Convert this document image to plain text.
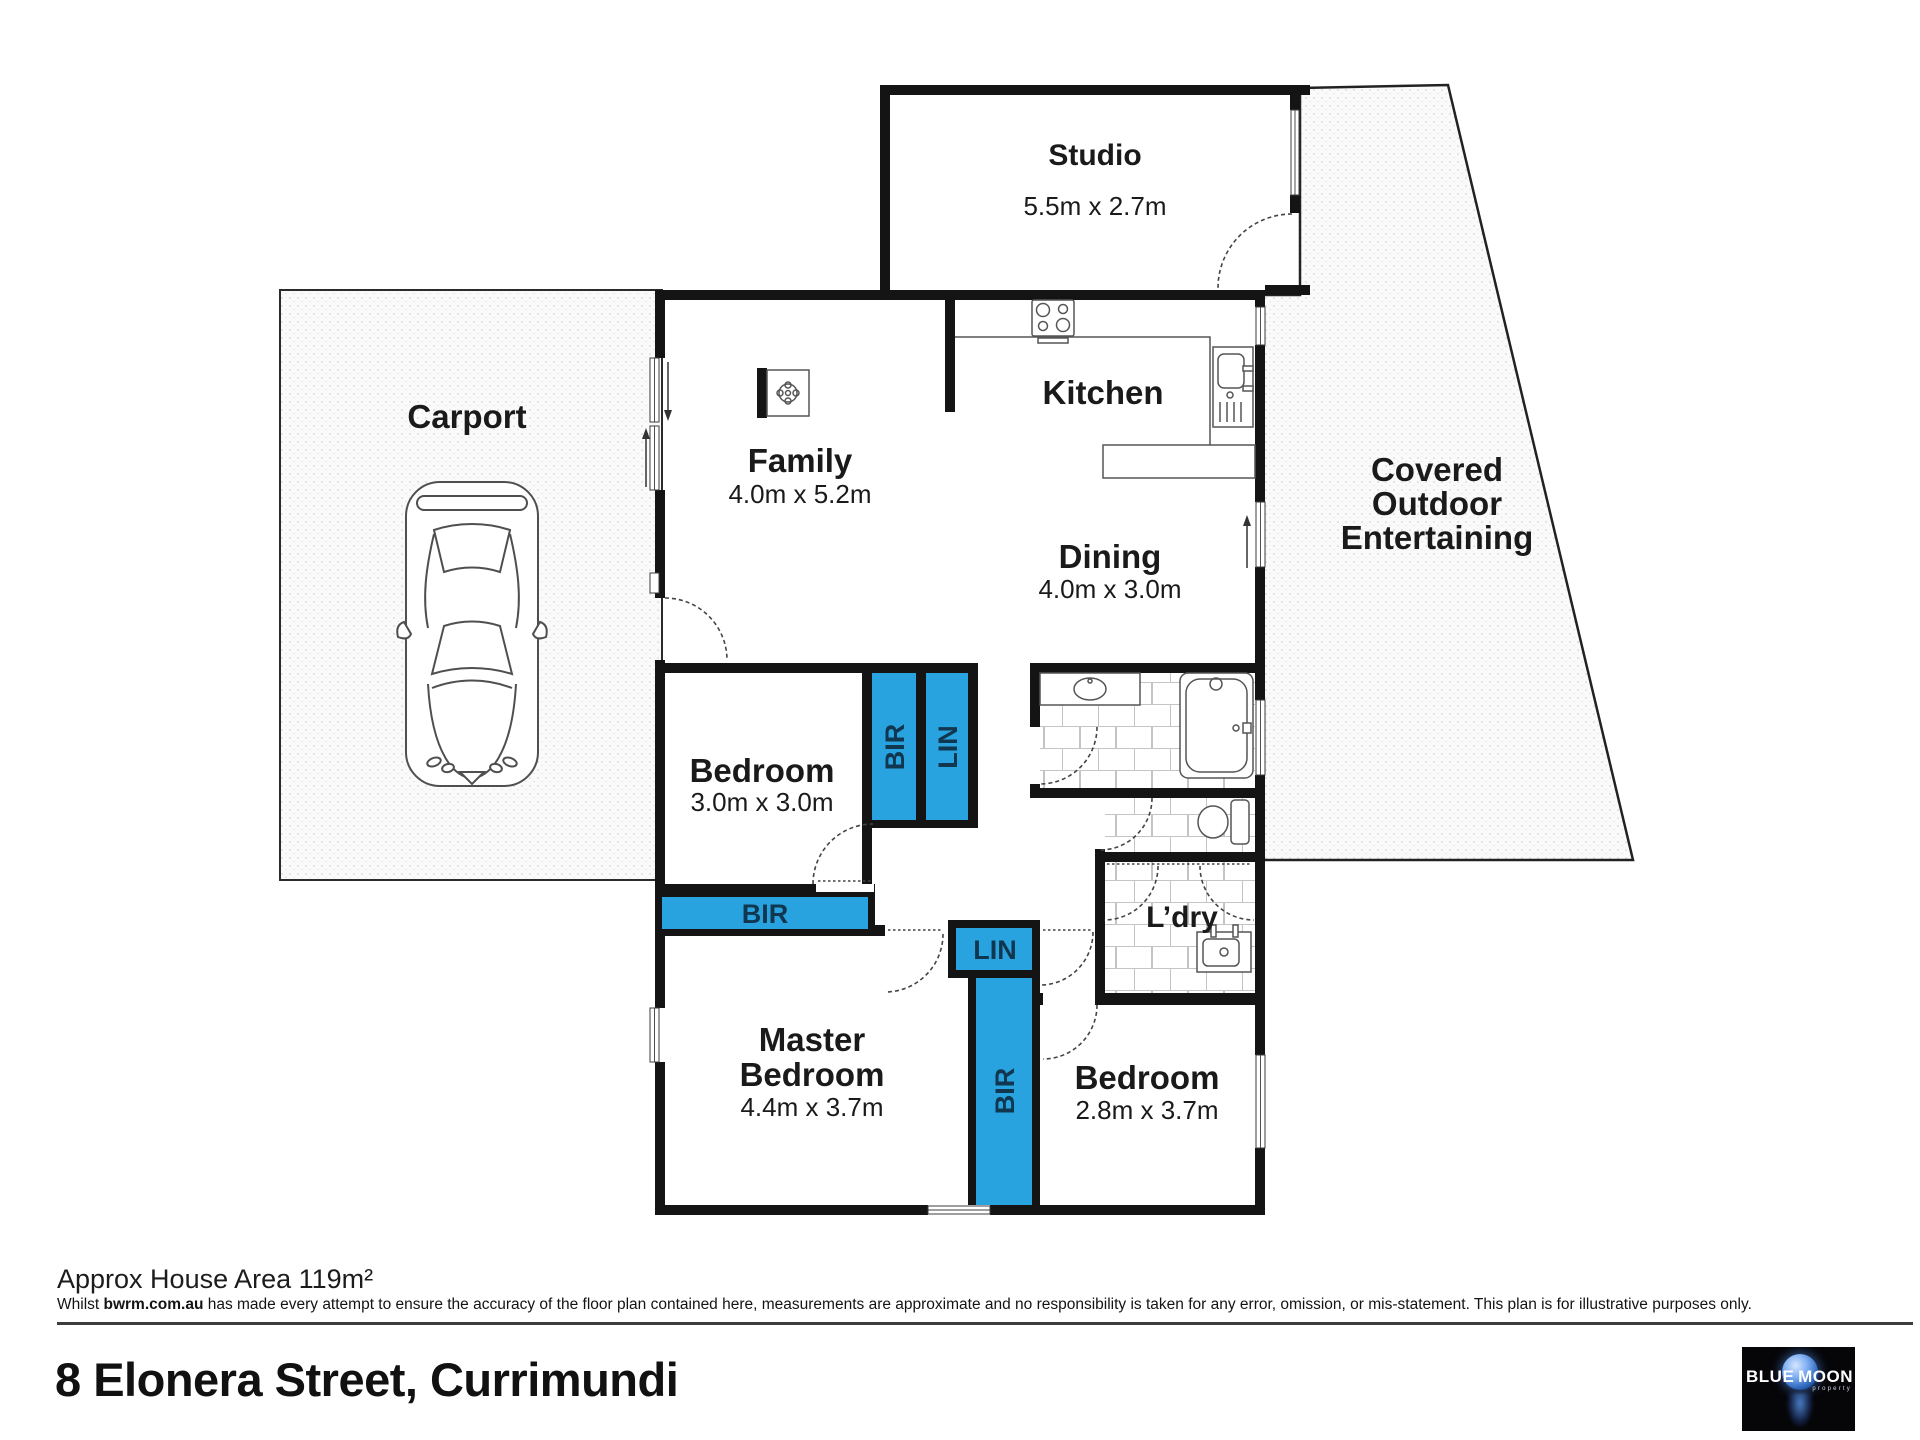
Studio
5.5m x 2.7m
Carport
Family
4.0m x 5.2m
Kitchen
Dining
4.0m x 3.0m
Covered
Outdoor
Entertaining
Bedroom
3.0m x 3.0m
Master
Bedroom
4.4m x 3.7m
Bedroom
2.8m x 3.7m
L’dry
BIR LIN
BIR
LIN
BIR
Approx House Area 119m²
Whilst bwrm.com.au has made every attempt to ensure the accuracy of the floor plan contained here, measurements are approximate and no responsibility is taken for any error, omission, or mis-statement. This plan is for illustrative purposes only.
8 Elonera Street, Currimundi	BLUE MOON
property
